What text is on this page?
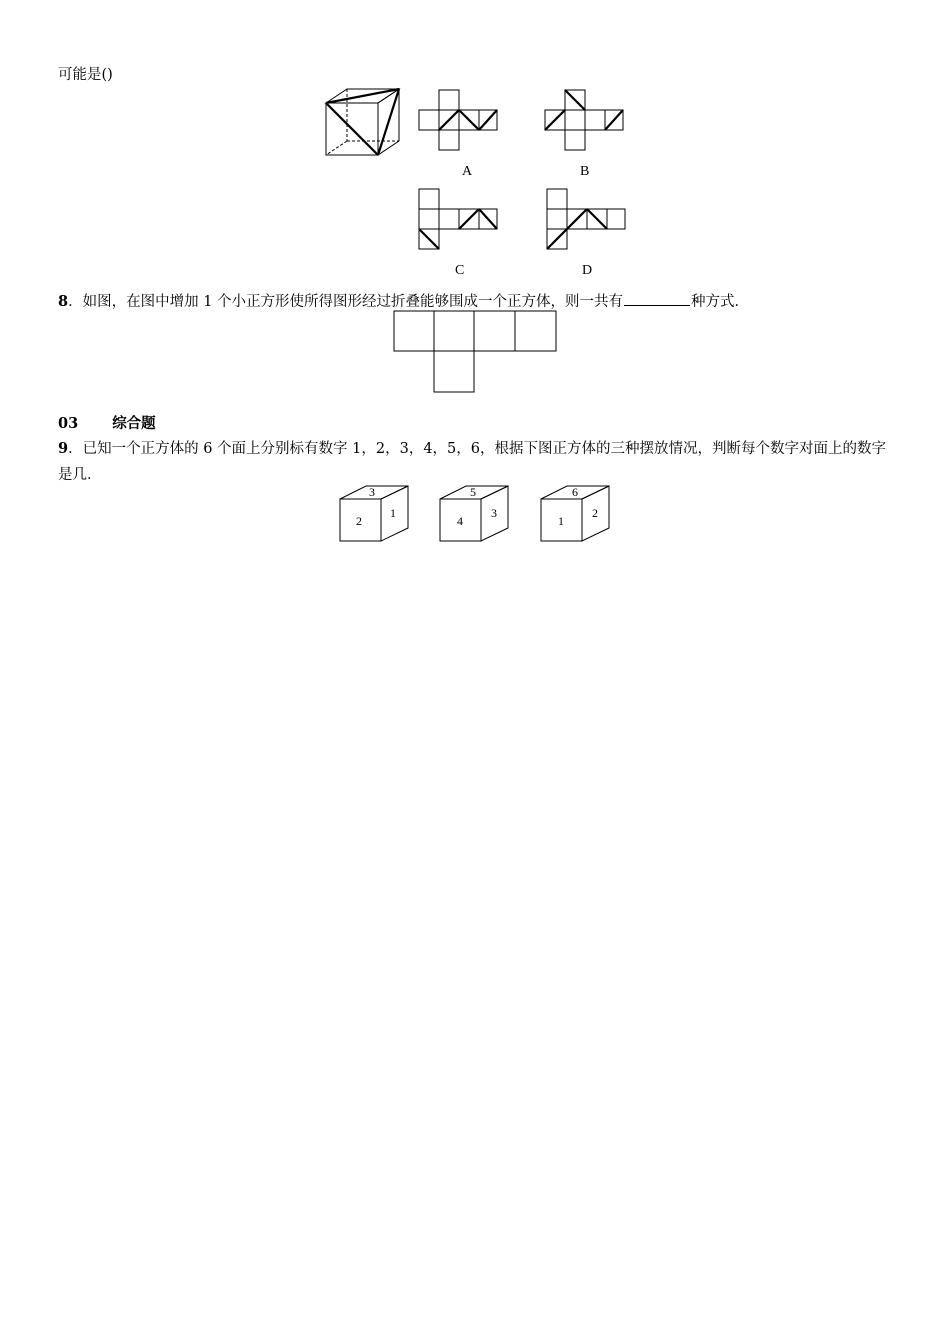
可能是()
A	B
C	D
8．如图，在图中增加 1 个小正方形使所得图形经过折叠能够围成一个正方体，则一共有	种方式．
03 综合题
9．已知一个正方体的 6 个面上分别标有数字 1，2，3，4，5，6，根据下图正方体的三种摆放情况，判断每个数字对面上的数字是几．
3
2
1
5
4
3
6
1
2
